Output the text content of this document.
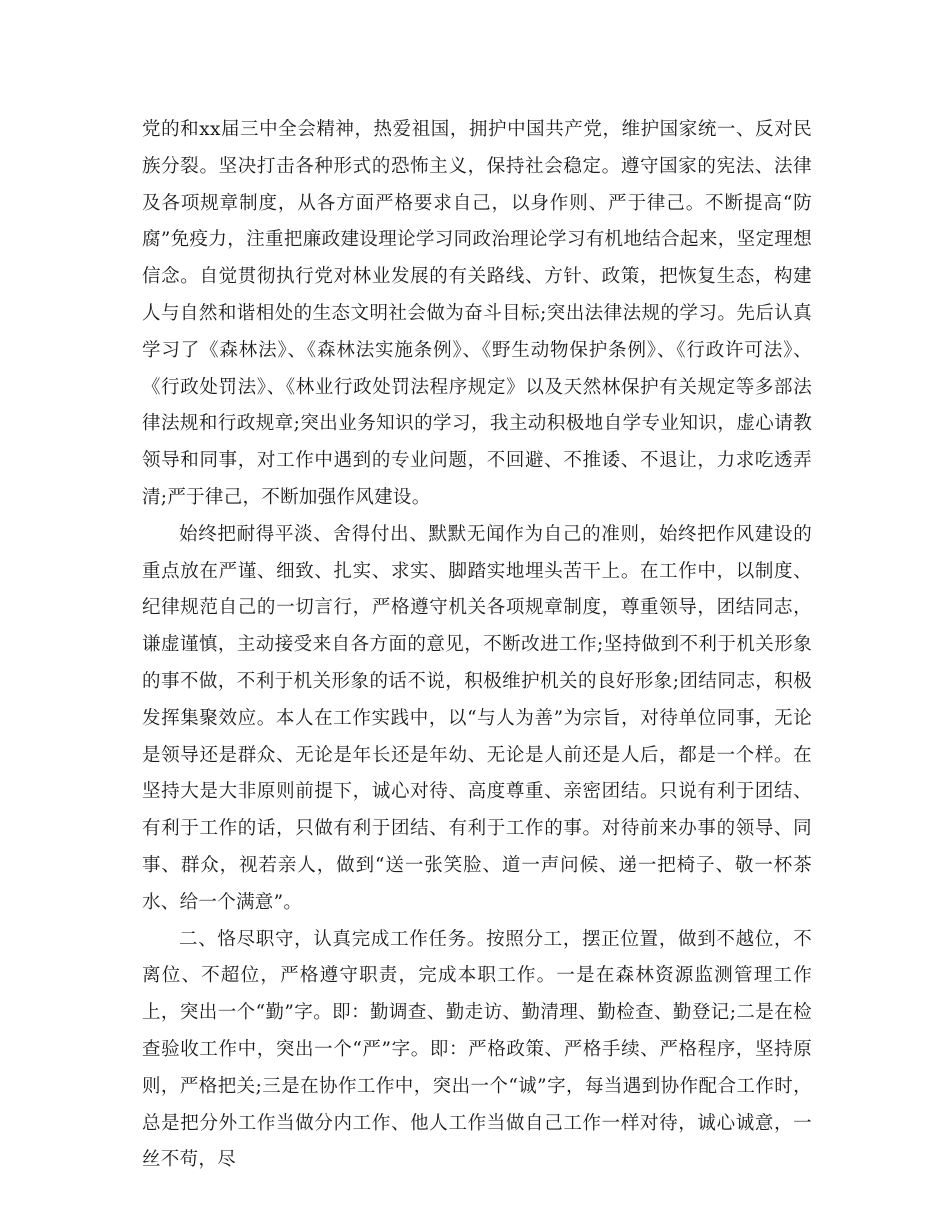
党的和xx届三中全会精神，热爱祖国，拥护中国共产党，维护国家统一、反对民族分裂。坚决打击各种形式的恐怖主义，保持社会稳定。遵守国家的宪法、法律及各项规章制度，从各方面严格要求自己，以身作则、严于律己。不断提高“防腐”免疫力，注重把廉政建设理论学习同政治理论学习有机地结合起来，坚定理想信念。自觉贯彻执行党对林业发展的有关路线、方针、政策，把恢复生态，构建人与自然和谐相处的生态文明社会做为奋斗目标;突出法律法规的学习。先后认真学习了《森林法》、《森林法实施条例》、《野生动物保护条例》、《行政许可法》、《行政处罚法》、《林业行政处罚法程序规定》以及天然林保护有关规定等多部法律法规和行政规章;突出业务知识的学习，我主动积极地自学专业知识，虚心请教领导和同事，对工作中遇到的专业问题，不回避、不推诿、不退让，力求吃透弄清;严于律己，不断加强作风建设。

始终把耐得平淡、舍得付出、默默无闻作为自己的准则，始终把作风建设的重点放在严谨、细致、扎实、求实、脚踏实地埋头苦干上。在工作中，以制度、纪律规范自己的一切言行，严格遵守机关各项规章制度，尊重领导，团结同志，谦虚谨慎，主动接受来自各方面的意见，不断改进工作;坚持做到不利于机关形象的事不做，不利于机关形象的话不说，积极维护机关的良好形象;团结同志，积极发挥集聚效应。本人在工作实践中，以“与人为善”为宗旨，对待单位同事，无论是领导还是群众、无论是年长还是年幼、无论是人前还是人后，都是一个样。在坚持大是大非原则前提下，诚心对待、高度尊重、亲密团结。只说有利于团结、有利于工作的话，只做有利于团结、有利于工作的事。对待前来办事的领导、同事、群众，视若亲人，做到“送一张笑脸、道一声问候、递一把椅子、敬一杯茶水、给一个满意”。

二、恪尽职守，认真完成工作任务。按照分工，摆正位置，做到不越位，不离位、不超位，严格遵守职责，完成本职工作。一是在森林资源监测管理工作上，突出一个“勤”字。即：勤调查、勤走访、勤清理、勤检查、勤登记;二是在检查验收工作中，突出一个“严”字。即：严格政策、严格手续、严格程序，坚持原则，严格把关;三是在协作工作中，突出一个“诚”字，每当遇到协作配合工作时，总是把分外工作当做分内工作、他人工作当做自己工作一样对待，诚心诚意，一丝不苟，尽
